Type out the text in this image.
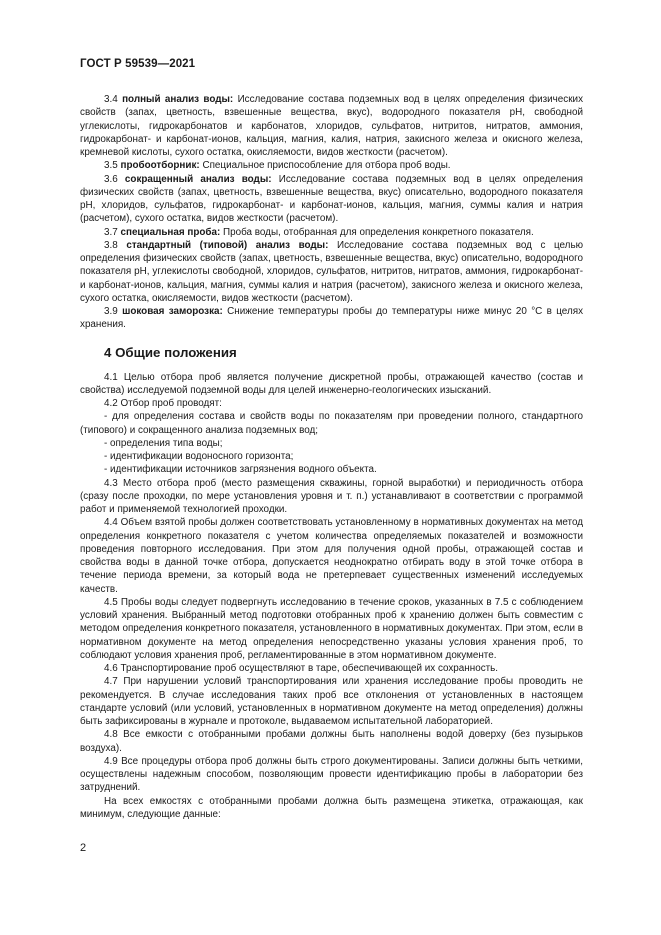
ГОСТ Р 59539—2021

3.4 полный анализ воды: Исследование состава подземных вод в целях определения физических свойств (запах, цветность, взвешенные вещества, вкус), водородного показателя рН, свободной углекислоты, гидрокарбонатов и карбонатов, хлоридов, сульфатов, нитритов, нитратов, аммония, гидрокарбонат- и карбонат-ионов, кальция, магния, калия, натрия, закисного железа и окисного железа, кремневой кислоты, сухого остатка, окисляемости, видов жесткости (расчетом).

3.5 пробоотборник: Специальное приспособление для отбора проб воды.

3.6 сокращенный анализ воды: Исследование состава подземных вод в целях определения физических свойств (запах, цветность, взвешенные вещества, вкус) описательно, водородного показателя рН, хлоридов, сульфатов, гидрокарбонат- и карбонат-ионов, кальция, магния, суммы калия и натрия (расчетом), сухого остатка, видов жесткости (расчетом).

3.7 специальная проба: Проба воды, отобранная для определения конкретного показателя.

3.8 стандартный (типовой) анализ воды: Исследование состава подземных вод с целью определения физических свойств (запах, цветность, взвешенные вещества, вкус) описательно, водородного показателя рН, углекислоты свободной, хлоридов, сульфатов, нитритов, нитратов, аммония, гидрокарбонат- и карбонат-ионов, кальция, магния, суммы калия и натрия (расчетом), закисного железа и окисного железа, сухого остатка, окисляемости, видов жесткости (расчетом).

3.9 шоковая заморозка: Снижение температуры пробы до температуры ниже минус 20 °С в целях хранения.

4 Общие положения

4.1 Целью отбора проб является получение дискретной пробы, отражающей качество (состав и свойства) исследуемой подземной воды для целей инженерно-геологических изысканий.

4.2 Отбор проб проводят:

- для определения состава и свойств воды по показателям при проведении полного, стандартного (типового) и сокращенного анализа подземных вод;

- определения типа воды;

- идентификации водоносного горизонта;

- идентификации источников загрязнения водного объекта.

4.3 Место отбора проб (место размещения скважины, горной выработки) и периодичность отбора (сразу после проходки, по мере установления уровня и т. п.) устанавливают в соответствии с программой работ и применяемой технологией проходки.

4.4 Объем взятой пробы должен соответствовать установленному в нормативных документах на метод определения конкретного показателя с учетом количества определяемых показателей и возможности проведения повторного исследования. При этом для получения одной пробы, отражающей состав и свойства воды в данной точке отбора, допускается неоднократно отбирать воду в этой точке отбора в течение периода времени, за который вода не претерпевает существенных изменений исследуемых качеств.

4.5 Пробы воды следует подвергнуть исследованию в течение сроков, указанных в 7.5 с соблюдением условий хранения. Выбранный метод подготовки отобранных проб к хранению должен быть совместим с методом определения конкретного показателя, установленного в нормативных документах. При этом, если в нормативном документе на метод определения непосредственно указаны условия хранения проб, то соблюдают условия хранения проб, регламентированные в этом нормативном документе.

4.6 Транспортирование проб осуществляют в таре, обеспечивающей их сохранность.

4.7 При нарушении условий транспортирования или хранения исследование пробы проводить не рекомендуется. В случае исследования таких проб все отклонения от установленных в настоящем стандарте условий (или условий, установленных в нормативном документе на метод определения) должны быть зафиксированы в журнале и протоколе, выдаваемом испытательной лабораторией.

4.8 Все емкости с отобранными пробами должны быть наполнены водой доверху (без пузырьков воздуха).

4.9 Все процедуры отбора проб должны быть строго документированы. Записи должны быть четкими, осуществлены надежным способом, позволяющим провести идентификацию пробы в лаборатории без затруднений.

На всех емкостях с отобранными пробами должна быть размещена этикетка, отражающая, как минимум, следующие данные:

2
